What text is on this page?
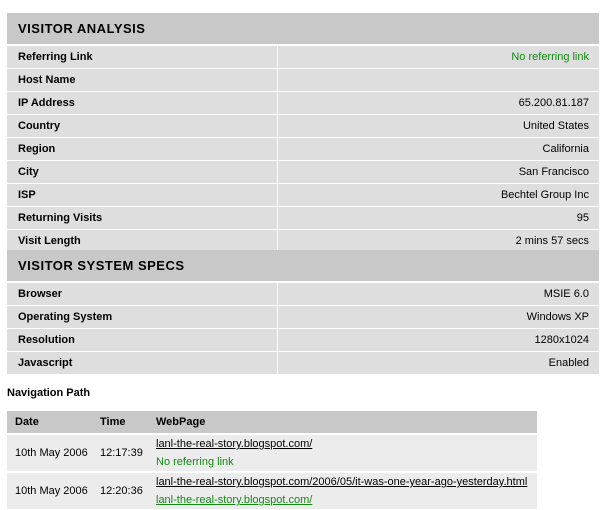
VISITOR ANALYSIS
Referring Link	No referring link
Host Name
IP Address	65.200.81.187
Country	United States
Region	California
City	San Francisco
ISP	Bechtel Group Inc
Returning Visits	95
Visit Length	2 mins 57 secs
VISITOR SYSTEM SPECS
Browser	MSIE 6.0
Operating System	Windows XP
Resolution	1280x1024
Javascript	Enabled
Navigation Path
Date	Time	WebPage
10th May 2006	12:17:39
lanl-the-real-story.blogspot.com/
No referring link
10th May 2006	12:20:36
lanl-the-real-story.blogspot.com/2006/05/it-was-one-year-ago-yesterday.html
lanl-the-real-story.blogspot.com/
